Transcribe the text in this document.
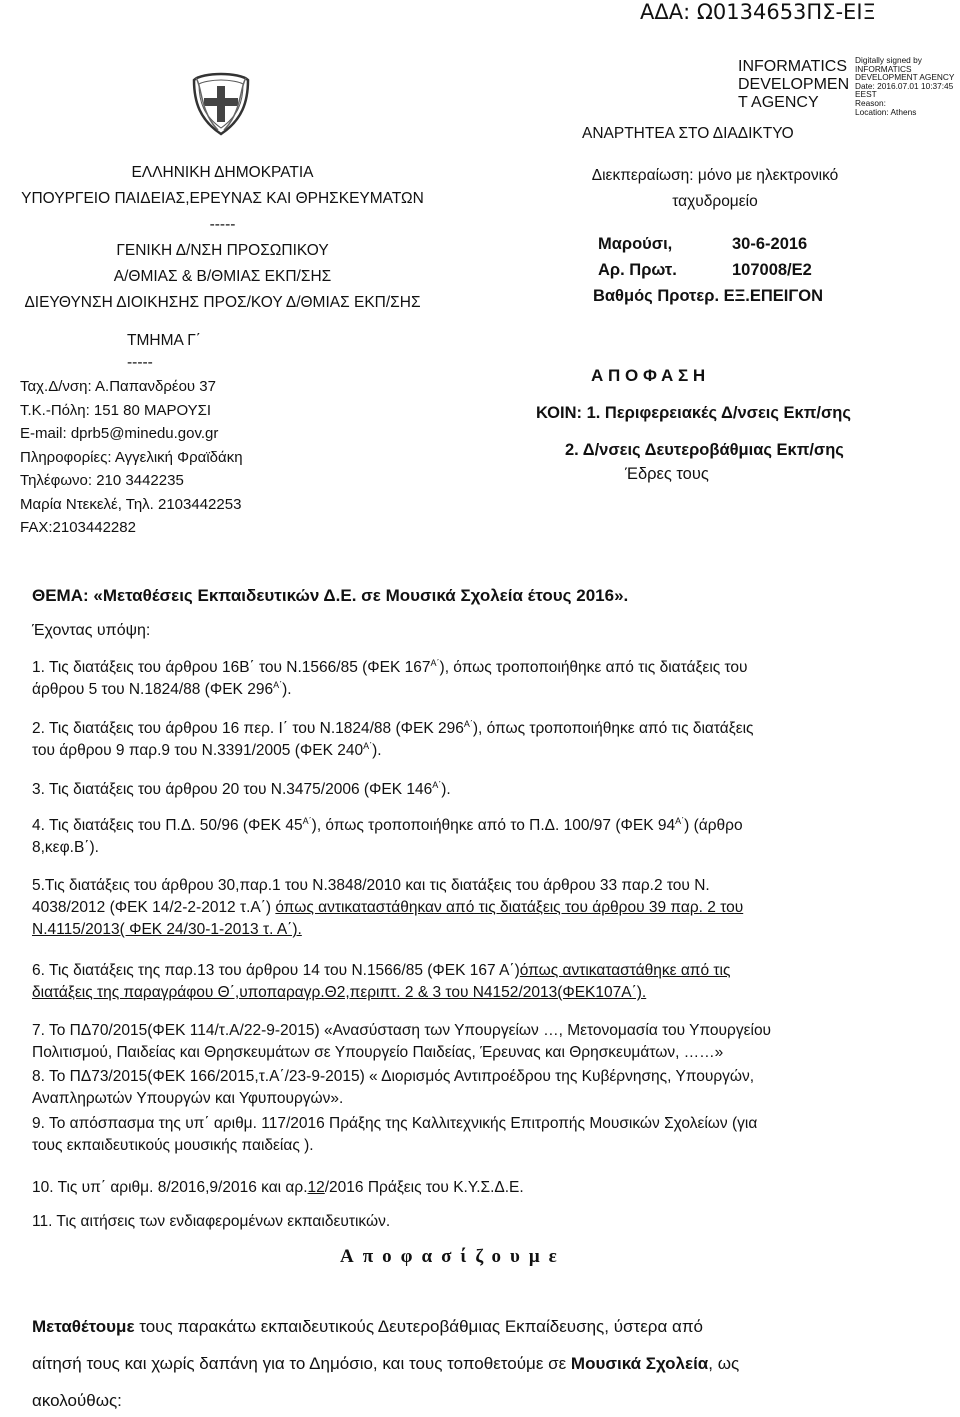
ΑΔΑ: Ω0134653ΠΣ-ΕΙΞ
INFORMATICS DEVELOPMEN T AGENCY
Digitally signed by
INFORMATICS
DEVELOPMENT AGENCY
Date: 2016.07.01 10:37:45
EEST
Reason:
Location: Athens
ΕΛΛΗΝΙΚΗ ΔΗΜΟΚΡΑΤΙΑ
ΥΠΟΥΡΓΕΙΟ ΠΑΙΔΕΙΑΣ,ΕΡΕΥΝΑΣ ΚΑΙ ΘΡΗΣΚΕΥΜΑΤΩΝ
-----
ΓΕΝΙΚΗ Δ/ΝΣΗ ΠΡΟΣΩΠΙΚΟΥ
Α/ΘΜΙΑΣ & Β/ΘΜΙΑΣ ΕΚΠ/ΣΗΣ
ΔΙΕΥΘΥΝΣΗ ΔΙΟΙΚΗΣΗΣ ΠΡΟΣ/ΚΟΥ Δ/ΘΜΙΑΣ ΕΚΠ/ΣΗΣ
ΤΜΗΜΑ Γ΄
-----
Ταχ.Δ/νση: Α.Παπανδρέου 37
Τ.Κ.-Πόλη: 151 80 ΜΑΡΟΥΣΙ
E-mail: dprb5@minedu.gov.gr
Πληροφορίες: Αγγελική Φραϊδάκη
Τηλέφωνο: 210 3442235
Μαρία Ντεκελέ, Τηλ. 2103442253
FAX:2103442282
ΑΝΑΡΤΗΤΕΑ ΣΤΟ ΔΙΑΔΙΚΤΥΟ
Διεκπεραίωση: μόνο με ηλεκτρονικό
ταχυδρομείο
Μαρούσι,	30-6-2016
Αρ. Πρωτ.	107008/Ε2
Βαθμός Προτερ. ΕΞ.ΕΠΕΙΓΟΝ
Α Π Ο Φ Α Σ Η
ΚΟΙΝ: 1. Περιφερειακές Δ/νσεις Εκπ/σης
2. Δ/νσεις Δευτεροβάθμιας Εκπ/σης
Έδρες τους
ΘΕΜΑ: «Μεταθέσεις Εκπαιδευτικών Δ.Ε. σε Μουσικά Σχολεία έτους 2016».
Έχοντας υπόψη:
1. Τις διατάξεις του άρθρου 16Β΄ του Ν.1566/85 (ΦΕΚ $167^{A΄}$), όπως τροποποιήθηκε από τις διατάξεις του
άρθρου 5 του Ν.1824/88 (ΦΕΚ $296^{A΄}$).
2. Τις διατάξεις του άρθρου 16 περ. Ι΄ του Ν.1824/88 (ΦΕΚ $296^{A΄}$), όπως τροποποιήθηκε από τις διατάξεις
του άρθρου 9 παρ.9 του Ν.3391/2005 (ΦΕΚ $240^{A΄}$).
3. Τις διατάξεις του άρθρου 20 του Ν.3475/2006 (ΦΕΚ $146^{A΄}$).
4. Τις διατάξεις του Π.Δ. 50/96 (ΦΕΚ $45^{A΄}$), όπως τροποποιήθηκε από το Π.Δ. 100/97 (ΦΕΚ $94^{A΄}$) (άρθρο
8,κεφ.Β΄).
5.Τις διατάξεις του άρθρου 30,παρ.1 του Ν.3848/2010 και τις διατάξεις του άρθρου 33 παρ.2 του Ν.
4038/2012 (ΦΕΚ 14/2-2-2012 τ.Α΄) όπως αντικαταστάθηκαν από τις διατάξεις του άρθρου 39 παρ. 2 του
Ν.4115/2013( ΦΕΚ 24/30-1-2013 τ. Α΄).
6. Τις διατάξεις της παρ.13 του άρθρου 14 του Ν.1566/85 (ΦΕΚ 167 Α΄)όπως αντικαταστάθηκε από τις
διατάξεις της παραγράφου Θ΄,υποπαραγρ.Θ2,περιπτ. 2 & 3 του Ν4152/2013(ΦΕΚ107Α΄).
7. Το ΠΔ70/2015(ΦΕΚ 114/τ.Α/22-9-2015) «Ανασύσταση των Υπουργείων …, Μετονομασία του Υπουργείου
Πολιτισμού, Παιδείας και Θρησκευμάτων σε Υπουργείο Παιδείας, Έρευνας και Θρησκευμάτων, ……»
8. Το ΠΔ73/2015(ΦΕΚ 166/2015,τ.Α΄/23-9-2015) « Διορισμός Αντιπροέδρου της Κυβέρνησης, Υπουργών,
Αναπληρωτών Υπουργών και Υφυπουργών».
9. Το απόσπασμα της υπ΄ αριθμ. 117/2016 Πράξης της Καλλιτεχνικής Επιτροπής Μουσικών Σχολείων (για
τους εκπαιδευτικούς μουσικής παιδείας ).
10. Τις υπ΄ αριθμ. 8/2016,9/2016 και αρ.12/2016 Πράξεις του Κ.Υ.Σ.Δ.Ε.
11. Τις αιτήσεις των ενδιαφερομένων εκπαιδευτικών.
Αποφασίζουμε
Μεταθέτουμε τους παρακάτω εκπαιδευτικούς Δευτεροβάθμιας Εκπαίδευσης, ύστερα από
αίτησή τους και χωρίς δαπάνη για το Δημόσιο, και τους τοποθετούμε σε Μουσικά Σχολεία, ως
ακολούθως:
